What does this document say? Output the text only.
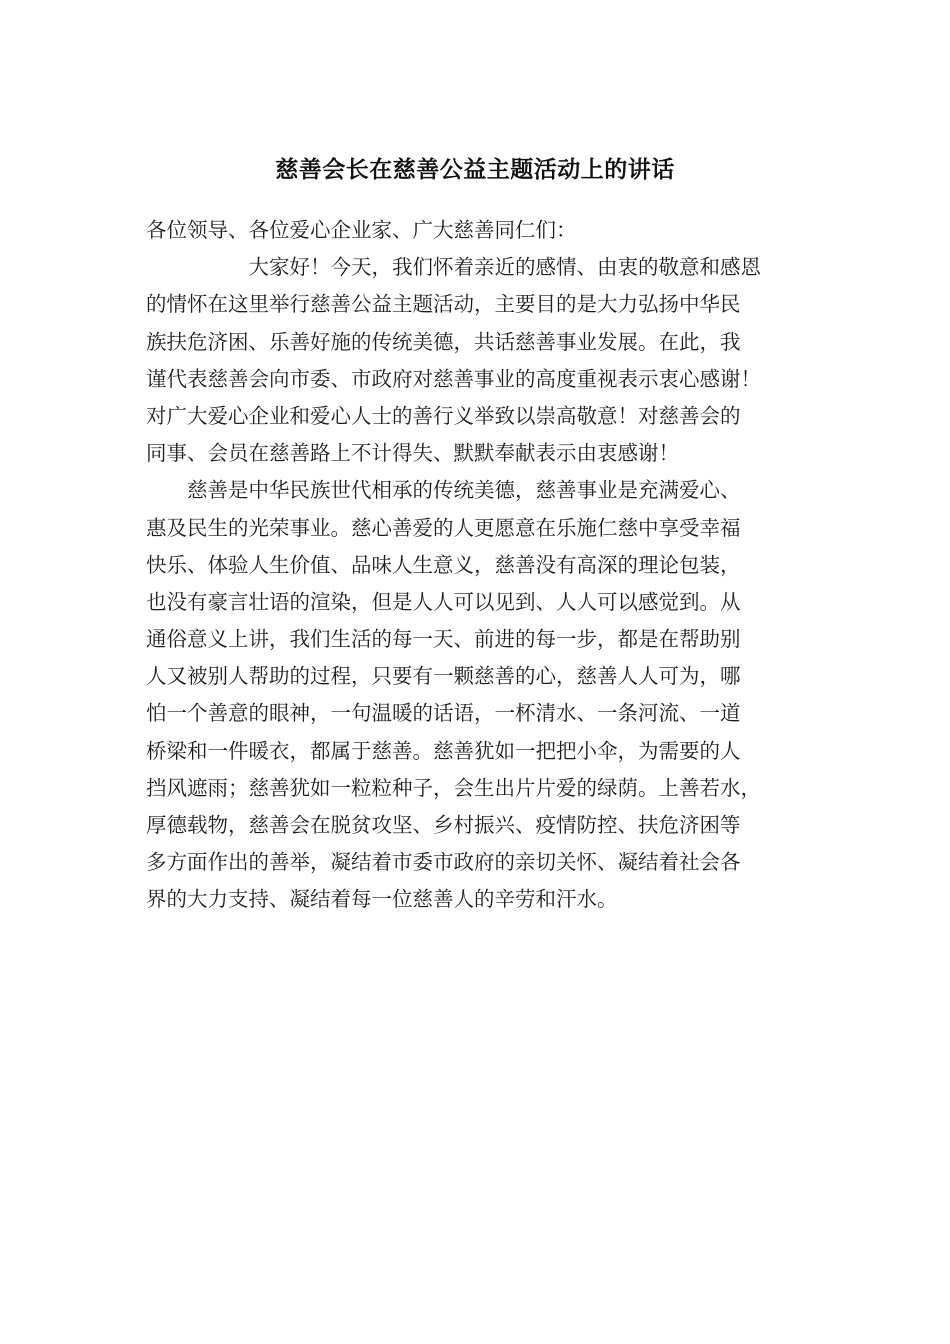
慈善会长在慈善公益主题活动上的讲话
各位领导、各位爱心企业家、广大慈善同仁们：
　　　　　大家好！今天，我们怀着亲近的感情、由衷的敬意和感恩
的情怀在这里举行慈善公益主题活动，主要目的是大力弘扬中华民
族扶危济困、乐善好施的传统美德，共话慈善事业发展。在此，我
谨代表慈善会向市委、市政府对慈善事业的高度重视表示衷心感谢！
对广大爱心企业和爱心人士的善行义举致以崇高敬意！对慈善会的
同事、会员在慈善路上不计得失、默默奉献表示由衷感谢！
　　慈善是中华民族世代相承的传统美德，慈善事业是充满爱心、
惠及民生的光荣事业。慈心善爱的人更愿意在乐施仁慈中享受幸福
快乐、体验人生价值、品味人生意义，慈善没有高深的理论包装，
也没有豪言壮语的渲染，但是人人可以见到、人人可以感觉到。从
通俗意义上讲，我们生活的每一天、前进的每一步，都是在帮助别
人又被别人帮助的过程，只要有一颗慈善的心，慈善人人可为，哪
怕一个善意的眼神，一句温暖的话语，一杯清水、一条河流、一道
桥梁和一件暖衣，都属于慈善。慈善犹如一把把小伞，为需要的人
挡风遮雨；慈善犹如一粒粒种子，会生出片片爱的绿荫。上善若水，
厚德载物，慈善会在脱贫攻坚、乡村振兴、疫情防控、扶危济困等
多方面作出的善举，凝结着市委市政府的亲切关怀、凝结着社会各
界的大力支持、凝结着每一位慈善人的辛劳和汗水。
